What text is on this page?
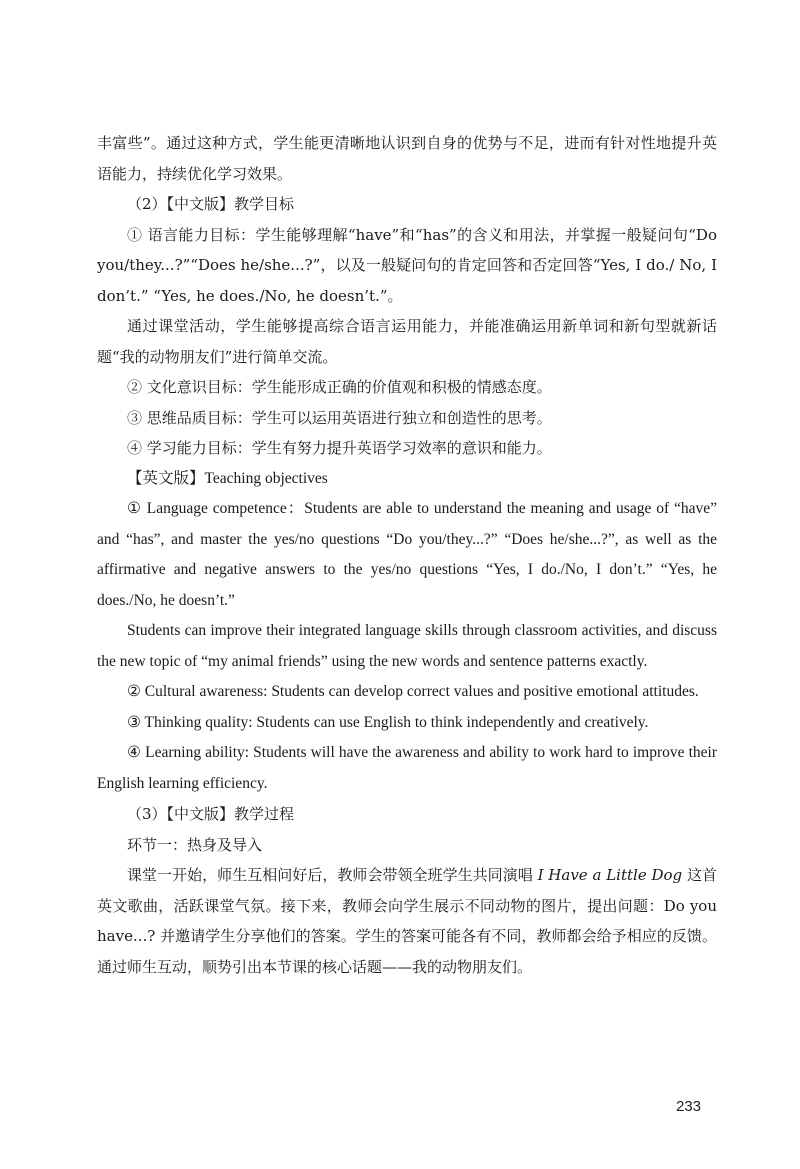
丰富些”。通过这种方式，学生能更清晰地认识到自身的优势与不足，进而有针对性地提升英语能力，持续优化学习效果。

（2）【中文版】教学目标

① 语言能力目标：学生能够理解“have”和“has”的含义和用法，并掌握一般疑问句“Do you/they...?”“Does he/she...?”，以及一般疑问句的肯定回答和否定回答“Yes, I do./ No, I don’t.” “Yes, he does./No, he doesn’t.”。

通过课堂活动，学生能够提高综合语言运用能力，并能准确运用新单词和新句型就新话题“我的动物朋友们”进行简单交流。

② 文化意识目标：学生能形成正确的价值观和积极的情感态度。

③ 思维品质目标：学生可以运用英语进行独立和创造性的思考。

④ 学习能力目标：学生有努力提升英语学习效率的意识和能力。

【英文版】Teaching objectives

① Language competence：Students are able to understand the meaning and usage of “have” and “has”, and master the yes/no questions “Do you/they...?” “Does he/she...?”, as well as the affirmative and negative answers to the yes/no questions “Yes, I do./No, I don’t.” “Yes, he does./No, he doesn’t.”

Students can improve their integrated language skills through classroom activities, and discuss the new topic of “my animal friends” using the new words and sentence patterns exactly.

② Cultural awareness: Students can develop correct values and positive emotional attitudes.

③ Thinking quality: Students can use English to think independently and creatively.

④ Learning ability: Students will have the awareness and ability to work hard to improve their English learning efficiency.

（3）【中文版】教学过程

环节一：热身及导入

课堂一开始，师生互相问好后，教师会带领全班学生共同演唱 I Have a Little Dog 这首英文歌曲，活跃课堂气氛。接下来，教师会向学生展示不同动物的图片，提出问题：Do you have...? 并邀请学生分享他们的答案。学生的答案可能各有不同，教师都会给予相应的反馈。通过师生互动，顺势引出本节课的核心话题——我的动物朋友们。

233
